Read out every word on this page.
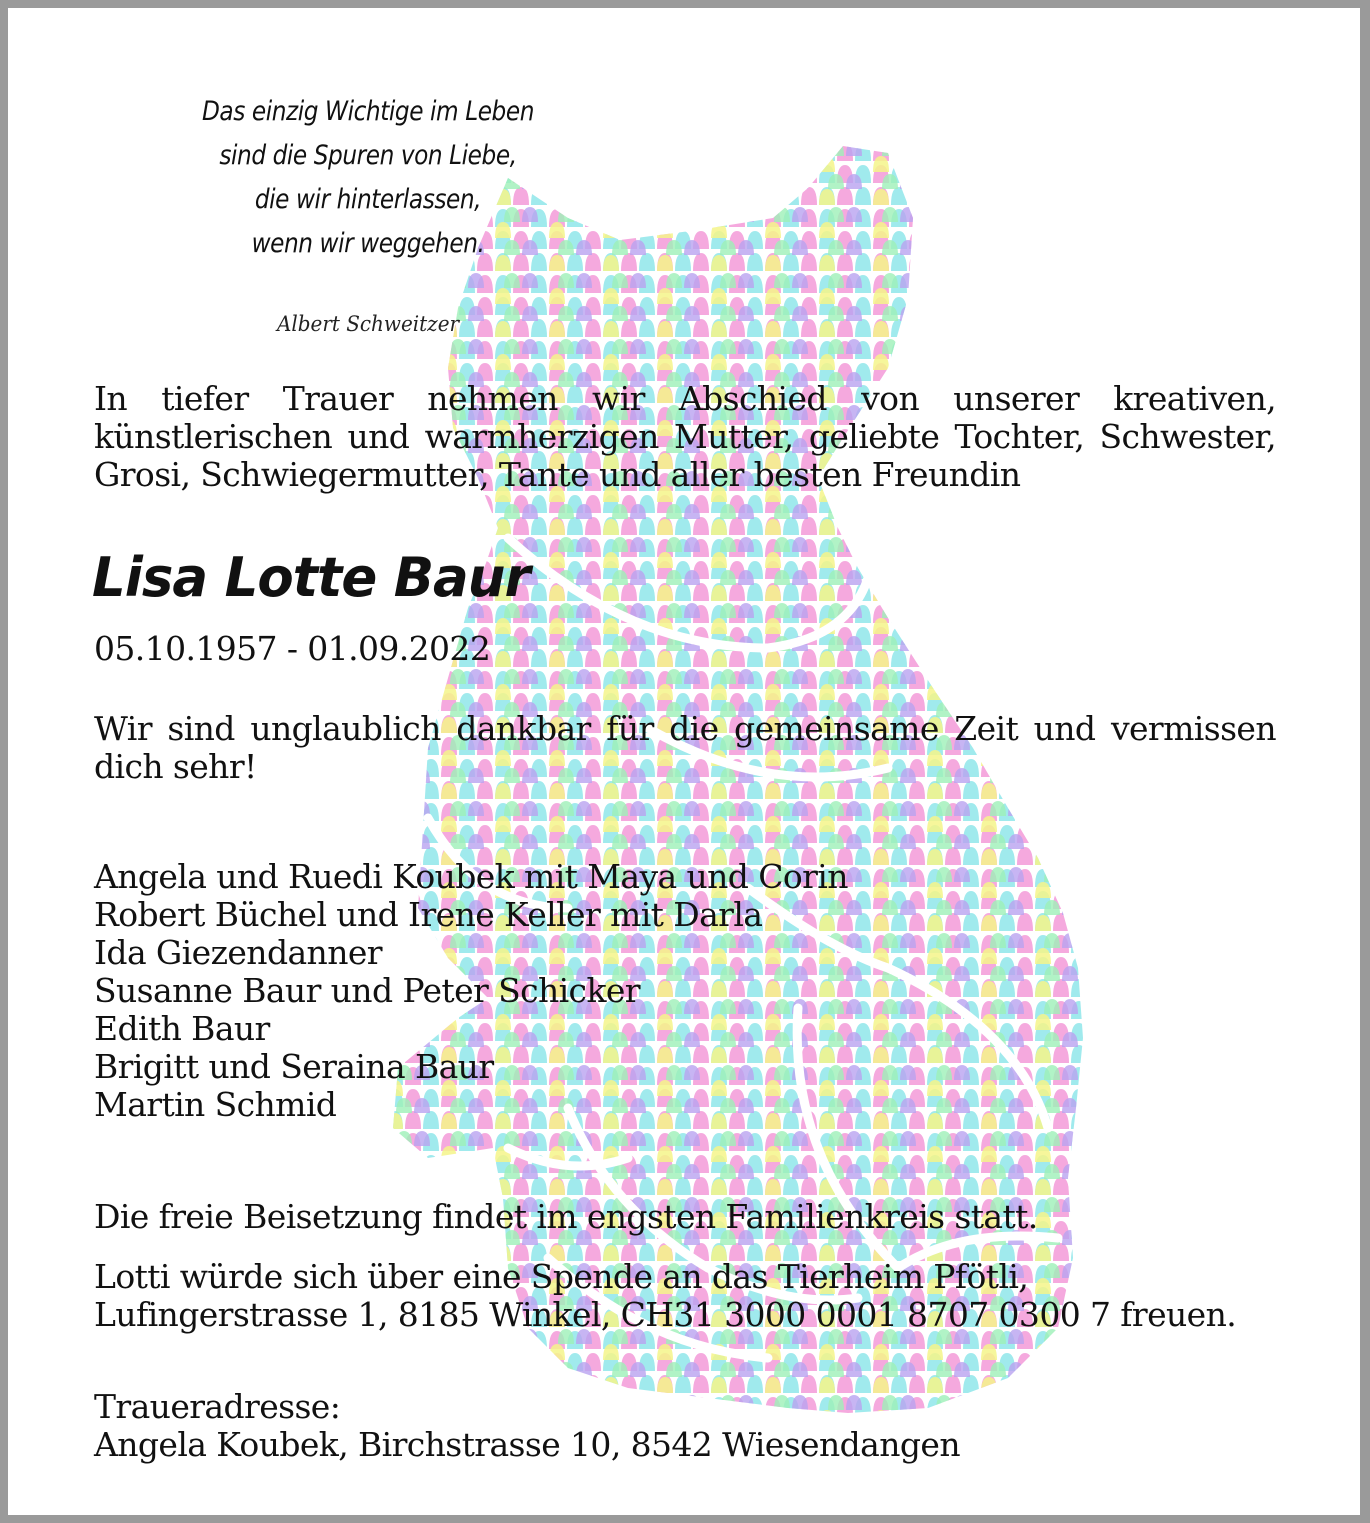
Das einzig Wichtige im Leben
sind die Spuren von Liebe,
die wir hinterlassen,
wenn wir weggehen.
Albert Schweitzer
In tiefer Trauer nehmen wir Abschied von unserer kreativen, künstlerischen und warmherzigen Mutter, geliebte Tochter, Schwester, Grosi, Schwiegermutter, Tante und aller besten Freundin
Lisa Lotte Baur
05.10.1957 - 01.09.2022
Wir sind unglaublich dankbar für die gemeinsame Zeit und vermissen dich sehr!
Angela und Ruedi Koubek mit Maya und Corin
Robert Büchel und Irene Keller mit Darla
Ida Giezendanner
Susanne Baur und Peter Schicker
Edith Baur
Brigitt und Seraina Baur
Martin Schmid
Die freie Beisetzung findet im engsten Familienkreis statt.
Lotti würde sich über eine Spende an das Tierheim Pfötli,
Lufingerstrasse 1, 8185 Winkel, CH31 3000 0001 8707 0300 7 freuen.
Traueradresse:
Angela Koubek, Birchstrasse 10, 8542 Wiesendangen
